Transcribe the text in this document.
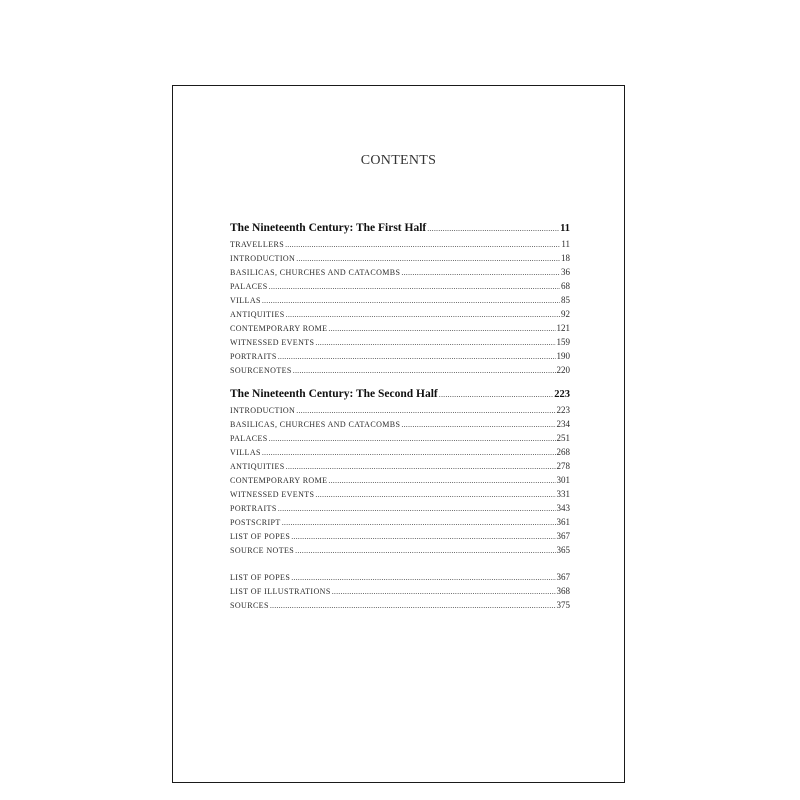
CONTENTS
The Nineteenth Century: The First Half .....	11
TRAVELLERS .....	11
INTRODUCTION .....	18
BASILICAS, CHURCHES AND CATACOMBS .....	36
PALACES .....	68
VILLAS .....	85
ANTIQUITIES .....	92
CONTEMPORARY ROME .....	121
WITNESSED EVENTS .....	159
PORTRAITS .....	190
SOURCENOTES .....	220
The Nineteenth Century: The Second Half .....	223
INTRODUCTION .....	223
BASILICAS, CHURCHES AND CATACOMBS .....	234
PALACES .....	251
VILLAS .....	268
ANTIQUITIES .....	278
CONTEMPORARY ROME .....	301
WITNESSED EVENTS .....	331
PORTRAITS .....	343
POSTSCRIPT .....	361
LIST OF POPES .....	367
SOURCE NOTES .....	365
LIST OF POPES .....	367
LIST OF ILLUSTRATIONS .....	368
SOURCES .....	375
